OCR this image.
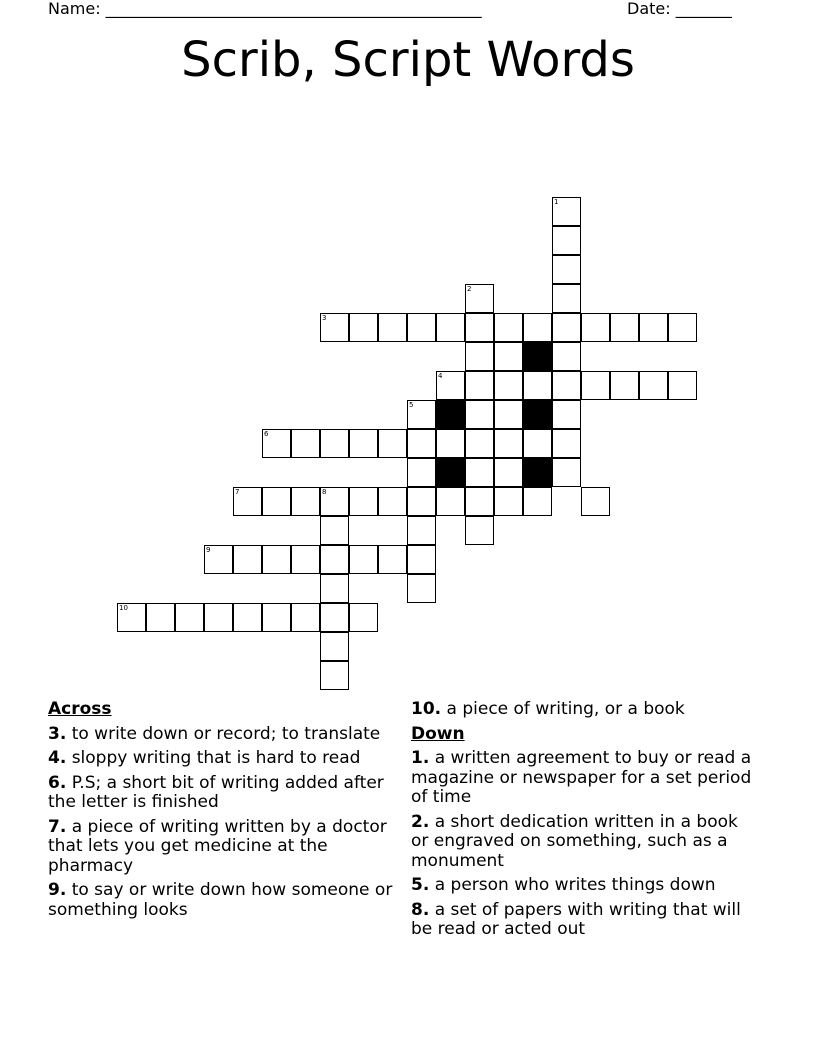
Name: _______________________________________________	Date: _______
Scrib, Script Words
1
2
3
4
5
6
7	8
9
10
Across
3. to write down or record; to translate
4. sloppy writing that is hard to read
6. P.S; a short bit of writing added after the letter is finished
7. a piece of writing written by a doctor that lets you get medicine at the pharmacy
9. to say or write down how someone or something looks
10. a piece of writing, or a book
Down
1. a written agreement to buy or read a magazine or newspaper for a set period of time
2. a short dedication written in a book or engraved on something, such as a monument
5. a person who writes things down
8. a set of papers with writing that will be read or acted out
